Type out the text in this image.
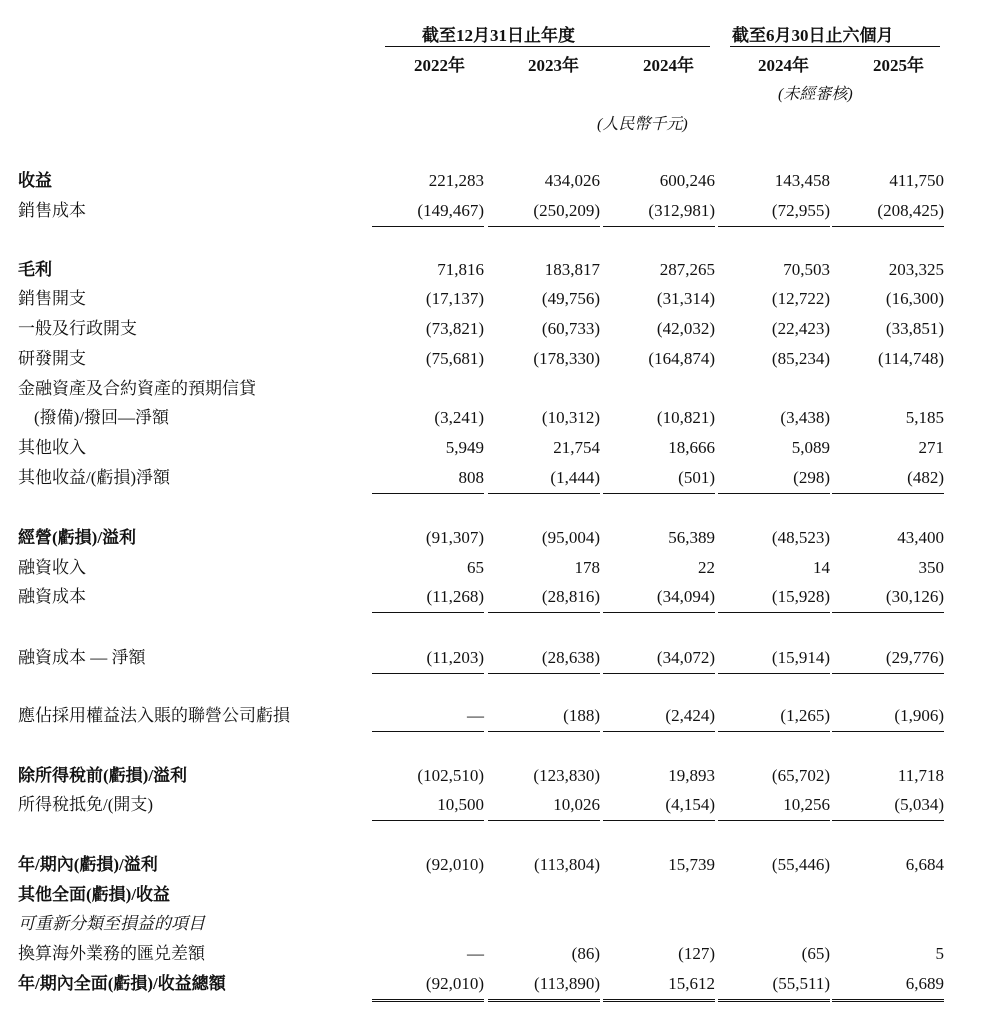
截至12月31日止年度	截至6月30日止六個月
2022年	2023年	2024年	2024年	2025年
(未經審核)
(人民幣千元)
收益	221,283	434,026	600,246	143,458	411,750
銷售成本	(149,467)	(250,209)	(312,981)	(72,955)	(208,425)
毛利	71,816	183,817	287,265	70,503	203,325
銷售開支	(17,137)	(49,756)	(31,314)	(12,722)	(16,300)
一般及行政開支	(73,821)	(60,733)	(42,032)	(22,423)	(33,851)
研發開支	(75,681)	(178,330)	(164,874)	(85,234)	(114,748)
金融資產及合約資產的預期信貸
(撥備)/撥回—淨額	(3,241)	(10,312)	(10,821)	(3,438)	5,185
其他收入	5,949	21,754	18,666	5,089	271
其他收益/(虧損)淨額	808	(1,444)	(501)	(298)	(482)
經營(虧損)/溢利	(91,307)	(95,004)	56,389	(48,523)	43,400
融資收入	65	178	22	14	350
融資成本	(11,268)	(28,816)	(34,094)	(15,928)	(30,126)
融資成本 — 淨額	(11,203)	(28,638)	(34,072)	(15,914)	(29,776)
應佔採用權益法入賬的聯營公司虧損	—	(188)	(2,424)	(1,265)	(1,906)
除所得稅前(虧損)/溢利	(102,510)	(123,830)	19,893	(65,702)	11,718
所得稅抵免/(開支)	10,500	10,026	(4,154)	10,256	(5,034)
年/期內(虧損)/溢利	(92,010)	(113,804)	15,739	(55,446)	6,684
其他全面(虧損)/收益
可重新分類至損益的項目
換算海外業務的匯兑差額	—	(86)	(127)	(65)	5
年/期內全面(虧損)/收益總額	(92,010)	(113,890)	15,612	(55,511)	6,689
